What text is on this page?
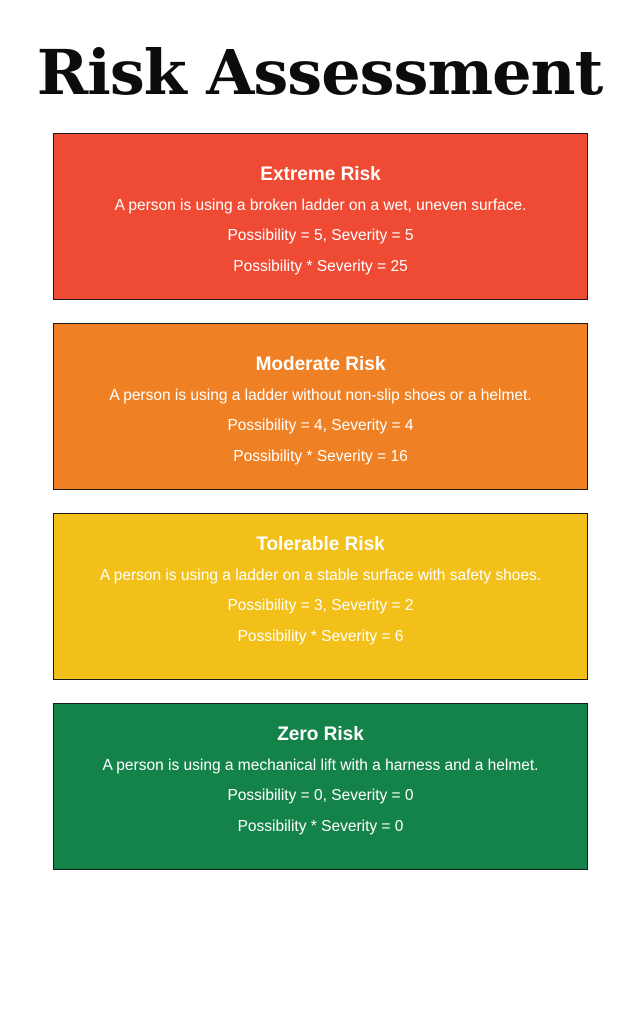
Risk Assessment
Extreme Risk
A person is using a broken ladder on a wet, uneven surface.
Possibility = 5, Severity = 5
Possibility * Severity = 25
Moderate Risk
A person is using a ladder without non-slip shoes or a helmet.
Possibility = 4, Severity = 4
Possibility * Severity = 16
Tolerable Risk
A person is using a ladder on a stable surface with safety shoes.
Possibility = 3, Severity = 2
Possibility * Severity = 6
Zero Risk
A person is using a mechanical lift with a harness and a helmet.
Possibility = 0, Severity = 0
Possibility * Severity = 0
